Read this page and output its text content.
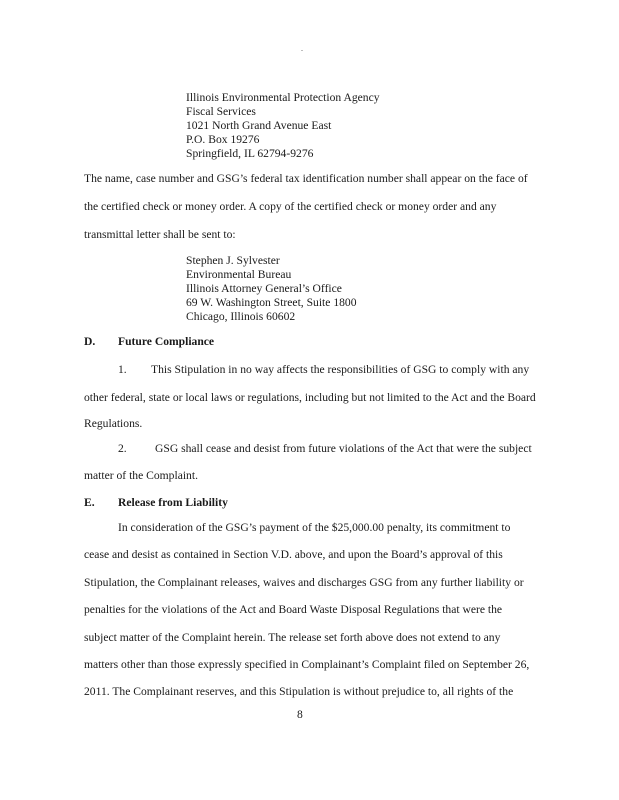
.
Illinois Environmental Protection Agency
Fiscal Services
1021 North Grand Avenue East
P.O. Box 19276
Springfield, IL 62794-9276
The name, case number and GSG’s federal tax identification number shall appear on the face of
the certified check or money order. A copy of the certified check or money order and any
transmittal letter shall be sent to:
Stephen J. Sylvester
Environmental Bureau
Illinois Attorney General’s Office
69 W. Washington Street, Suite 1800
Chicago, Illinois 60602
D. Future Compliance
1. This Stipulation in no way affects the responsibilities of GSG to comply with any
other federal, state or local laws or regulations, including but not limited to the Act and the Board
Regulations.
2. GSG shall cease and desist from future violations of the Act that were the subject
matter of the Complaint.
E. Release from Liability
In consideration of the GSG’s payment of the $25,000.00 penalty, its commitment to
cease and desist as contained in Section V.D. above, and upon the Board’s approval of this
Stipulation, the Complainant releases, waives and discharges GSG from any further liability or
penalties for the violations of the Act and Board Waste Disposal Regulations that were the
subject matter of the Complaint herein. The release set forth above does not extend to any
matters other than those expressly specified in Complainant’s Complaint filed on September 26,
2011. The Complainant reserves, and this Stipulation is without prejudice to, all rights of the
8
